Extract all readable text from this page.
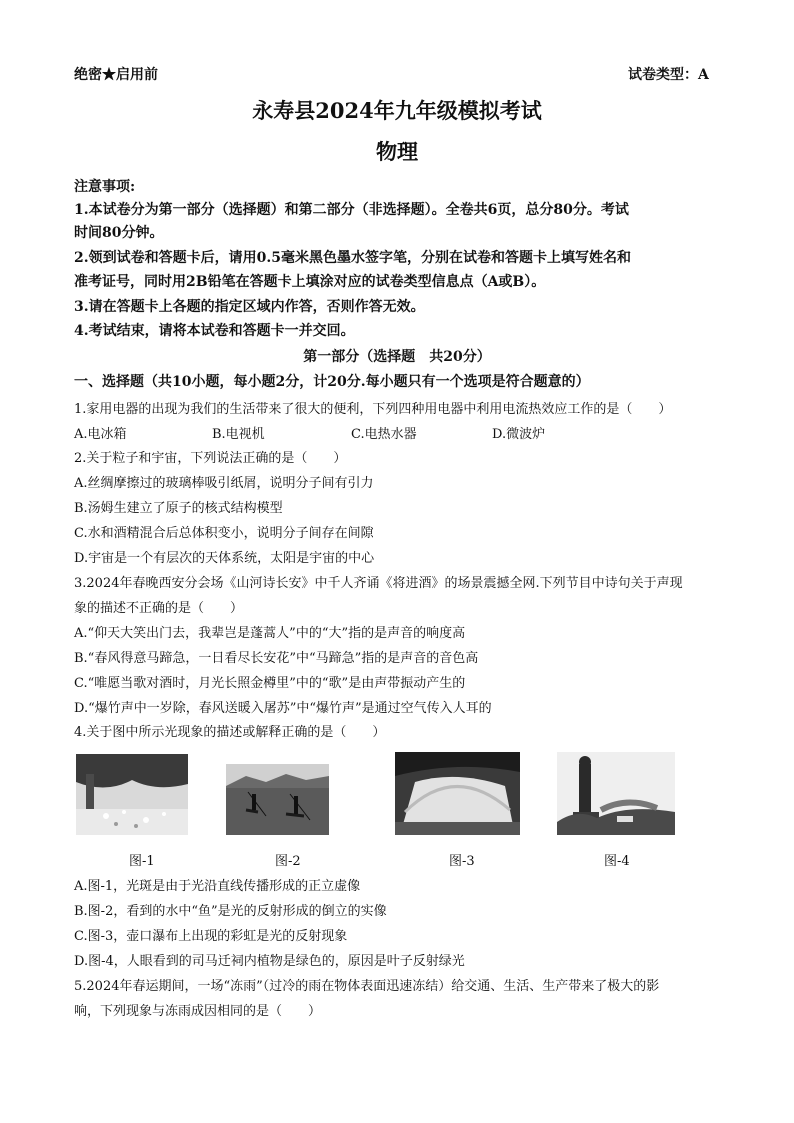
绝密★启用前	试卷类型：A
永寿县2024年九年级模拟考试
物理
注意事项:
1.本试卷分为第一部分（选择题）和第二部分（非选择题）。全卷共6页，总分80分。考试
时间80分钟。
2.领到试卷和答题卡后，请用0.5毫米黑色墨水签字笔，分别在试卷和答题卡上填写姓名和
准考证号，同时用2B铅笔在答题卡上填涂对应的试卷类型信息点（A或B）。
3.请在答题卡上各题的指定区域内作答，否则作答无效。
4.考试结束，请将本试卷和答题卡一并交回。
第一部分（选择题　共20分）
一、选择题（共10小题，每小题2分，计20分.每小题只有一个选项是符合题意的）
1.家用电器的出现为我们的生活带来了很大的便利，下列四种用电器中利用电流热效应工作的是（　　）
A.电冰箱	B.电视机	C.电热水器	D.微波炉
2.关于粒子和宇宙，下列说法正确的是（　　）
A.丝绸摩擦过的玻璃棒吸引纸屑，说明分子间有引力
B.汤姆生建立了原子的核式结构模型
C.水和酒精混合后总体积变小，说明分子间存在间隙
D.宇宙是一个有层次的天体系统，太阳是宇宙的中心
3.2024年春晚西安分会场《山河诗长安》中千人齐诵《将进酒》的场景震撼全网.下列节目中诗句关于声现
象的描述不正确的是（　　）
A.“仰天大笑出门去，我辈岂是蓬蒿人”中的“大”指的是声音的响度高
B.“春风得意马蹄急，一日看尽长安花”中“马蹄急”指的是声音的音色高
C.“唯愿当歌对酒时，月光长照金樽里”中的“歌”是由声带振动产生的
D.“爆竹声中一岁除，春风送暖入屠苏”中“爆竹声”是通过空气传入人耳的
4.关于图中所示光现象的描述或解释正确的是（　　）
图-1	图-2	图-3	图-4
A.图-1，光斑是由于光沿直线传播形成的正立虚像
B.图-2，看到的水中“鱼”是光的反射形成的倒立的实像
C.图-3，壶口瀑布上出现的彩虹是光的反射现象
D.图-4，人眼看到的司马迁祠内植物是绿色的，原因是叶子反射绿光
5.2024年春运期间，一场“冻雨”（过冷的雨在物体表面迅速冻结）给交通、生活、生产带来了极大的影
响，下列现象与冻雨成因相同的是（　　）
